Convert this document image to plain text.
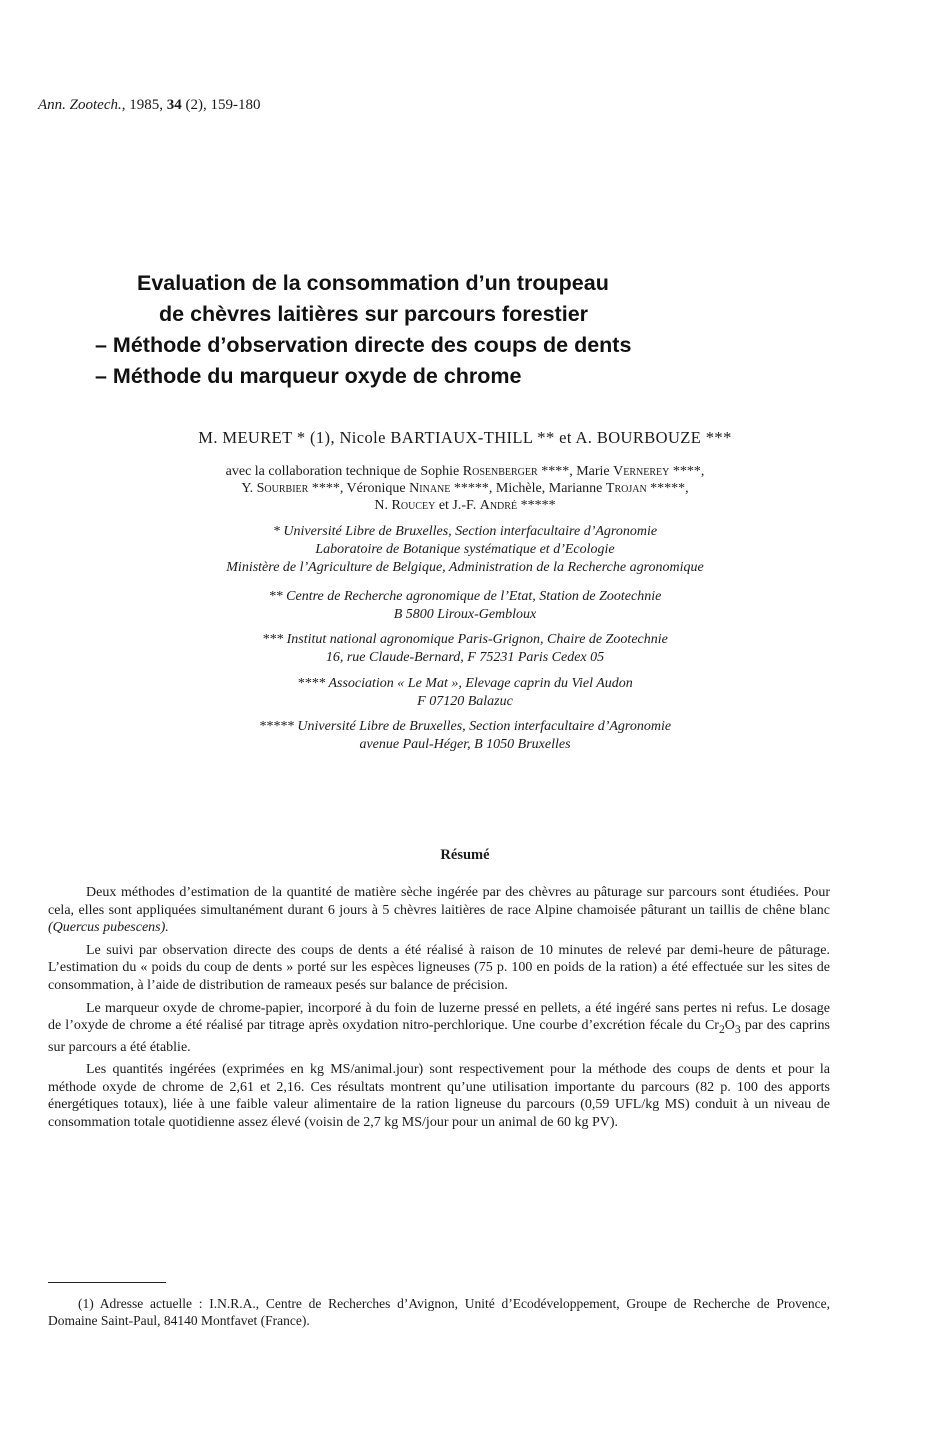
Ann. Zootech., 1985, 34 (2), 159-180
Evaluation de la consommation d’un troupeau
de chèvres laitières sur parcours forestier
– Méthode d’observation directe des coups de dents
– Méthode du marqueur oxyde de chrome
M. MEURET * (1), Nicole BARTIAUX-THILL ** et A. BOURBOUZE ***
avec la collaboration technique de Sophie Rosenberger ****, Marie Vernerey ****,
Y. Sourbier ****, Véronique Ninane *****, Michèle, Marianne Trojan *****,
N. Roucey et J.-F. André *****
* Université Libre de Bruxelles, Section interfacultaire d’Agronomie
Laboratoire de Botanique systématique et d’Ecologie
Ministère de l’Agriculture de Belgique, Administration de la Recherche agronomique
** Centre de Recherche agronomique de l’Etat, Station de Zootechnie
B 5800 Liroux-Gembloux
*** Institut national agronomique Paris-Grignon, Chaire de Zootechnie
16, rue Claude-Bernard, F 75231 Paris Cedex 05
**** Association « Le Mat », Elevage caprin du Viel Audon
F 07120 Balazuc
***** Université Libre de Bruxelles, Section interfacultaire d’Agronomie
avenue Paul-Héger, B 1050 Bruxelles
Résumé

Deux méthodes d’estimation de la quantité de matière sèche ingérée par des chèvres au pâturage sur parcours sont étudiées. Pour cela, elles sont appliquées simultanément durant 6 jours à 5 chèvres laitières de race Alpine chamoisée pâturant un taillis de chêne blanc (Quercus pubescens).

Le suivi par observation directe des coups de dents a été réalisé à raison de 10 minutes de relevé par demi-heure de pâturage. L’estimation du « poids du coup de dents » porté sur les espèces ligneuses (75 p. 100 en poids de la ration) a été effectuée sur les sites de consommation, à l’aide de distribution de rameaux pesés sur balance de précision.

Le marqueur oxyde de chrome-papier, incorporé à du foin de luzerne pressé en pellets, a été ingéré sans pertes ni refus. Le dosage de l’oxyde de chrome a été réalisé par titrage après oxydation nitro-perchlorique. Une courbe d’excrétion fécale du $Cr_2O_3$ par des caprins sur parcours a été établie.

Les quantités ingérées (exprimées en kg MS/animal.jour) sont respectivement pour la méthode des coups de dents et pour la méthode oxyde de chrome de 2,61 et 2,16. Ces résultats montrent qu’une utilisation importante du parcours (82 p. 100 des apports énergétiques totaux), liée à une faible valeur alimentaire de la ration ligneuse du parcours (0,59 UFL/kg MS) conduit à un niveau de consommation totale quotidienne assez élevé (voisin de 2,7 kg MS/jour pour un animal de 60 kg PV).

(1) Adresse actuelle : I.N.R.A., Centre de Recherches d’Avignon, Unité d’Ecodéveloppement, Groupe de Recherche de Provence, Domaine Saint-Paul, 84140 Montfavet (France).
